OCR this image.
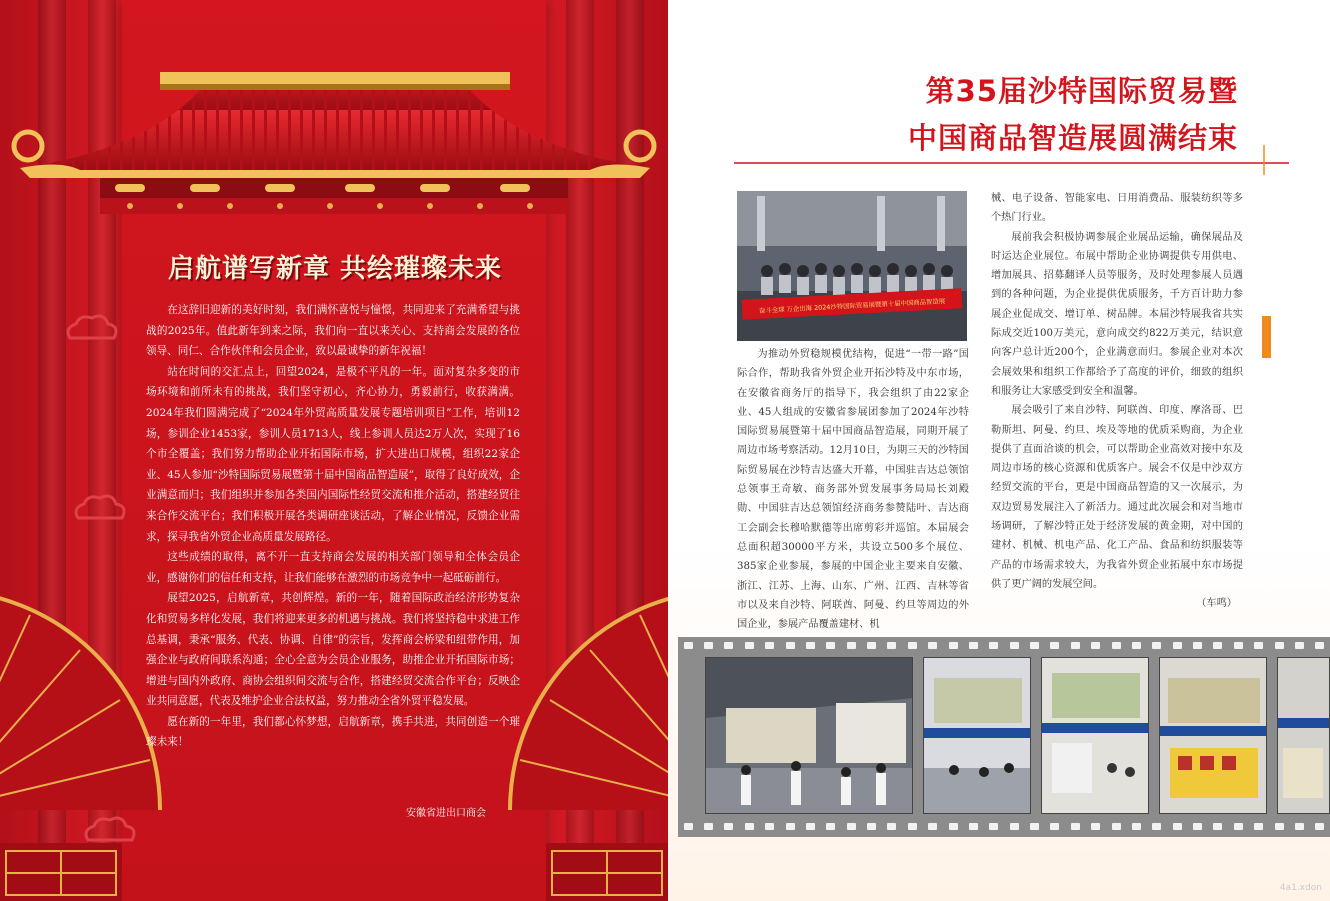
启航谱写新章 共绘璀璨未来

在这辞旧迎新的美好时刻，我们满怀喜悦与憧憬，共同迎来了充满希望与挑战的2025年。值此新年到来之际，我们向一直以来关心、支持商会发展的各位领导、同仁、合作伙伴和会员企业，致以最诚挚的新年祝福！

站在时间的交汇点上，回望2024，是极不平凡的一年。面对复杂多变的市场环境和前所未有的挑战，我们坚守初心，齐心协力，勇毅前行，收获满满。2024年我们圆满完成了“2024年外贸高质量发展专题培训项目”工作，培训12场，参训企业1453家，参训人员1713人，线上参训人员达2万人次，实现了16个市全覆盖；我们努力帮助企业开拓国际市场，扩大进出口规模，组织22家企业、45人参加“沙特国际贸易展暨第十届中国商品智造展”，取得了良好成效，企业满意而归；我们组织并参加各类国内国际性经贸交流和推介活动，搭建经贸往来合作交流平台；我们积极开展各类调研座谈活动，了解企业情况，反馈企业需求，探寻我省外贸企业高质量发展路径。

这些成绩的取得，离不开一直支持商会发展的相关部门领导和全体会员企业，感谢你们的信任和支持，让我们能够在激烈的市场竞争中一起砥砺前行。

展望2025，启航新章，共创辉煌。新的一年，随着国际政治经济形势复杂化和贸易多样化发展，我们将迎来更多的机遇与挑战。我们将坚持稳中求进工作总基调，秉承“服务、代表、协调、自律”的宗旨，发挥商会桥梁和纽带作用，加强企业与政府间联系沟通；全心全意为会员企业服务，助推企业开拓国际市场；增进与国内外政府、商协会组织间交流与合作，搭建经贸交流合作平台；反映企业共同意愿，代表及维护企业合法权益，努力推动全省外贸平稳发展。

愿在新的一年里，我们都心怀梦想，启航新章，携手共进，共同创造一个璀璨未来！

安徽省进出口商会
第35届沙特国际贸易暨
中国商品智造展圆满结束
奋斗全球 万企出海 2024沙特国际贸易展暨第十届中国商品智造展

为推动外贸稳规模优结构，促进“一带一路”国际合作，帮助我省外贸企业开拓沙特及中东市场，在安徽省商务厅的指导下，我会组织了由22家企业、45人组成的安徽省参展团参加了2024年沙特国际贸易展暨第十届中国商品智造展，同期开展了周边市场考察活动。12月10日，为期三天的沙特国际贸易展在沙特吉达盛大开幕，中国驻吉达总领馆总领事王奇敏、商务部外贸发展事务局局长刘殿勋、中国驻吉达总领馆经济商务参赞陆叶、吉达商工会副会长穆哈默德等出席剪彩并巡馆。本届展会总面积超30000平方米，共设立500多个展位、385家企业参展，参展的中国企业主要来自安徽、浙江、江苏、上海、山东、广州、江西、吉林等省市以及来自沙特、阿联酋、阿曼、约旦等周边的外国企业，参展产品覆盖建材、机

械、电子设备、智能家电、日用消费品、服装纺织等多个热门行业。

展前我会积极协调参展企业展品运输，确保展品及时运达企业展位。布展中帮助企业协调提供专用供电、增加展具、招募翻译人员等服务，及时处理参展人员遇到的各种问题，为企业提供优质服务，千方百计助力参展企业促成交、增订单、树品牌。本届沙特展我省共实际成交近100万美元，意向成交约822万美元，结识意向客户总计近200个，企业满意而归。参展企业对本次会展效果和组织工作都给予了高度的评价，细致的组织和服务让大家感受到安全和温馨。

展会吸引了来自沙特、阿联酋、印度、摩洛哥、巴勒斯坦、阿曼、约旦、埃及等地的优质采购商，为企业提供了直面洽谈的机会，可以帮助企业高效对接中东及周边市场的核心资源和优质客户。展会不仅是中沙双方经贸交流的平台，更是中国商品智造的又一次展示，为双边贸易发展注入了新活力。通过此次展会和对当地市场调研，了解沙特正处于经济发展的黄金期，对中国的建材、机械、机电产品、化工产品、食品和纺织服装等产品的市场需求较大，为我省外贸企业拓展中东市场提供了更广阔的发展空间。

（车鸣）

4a1.xdon
